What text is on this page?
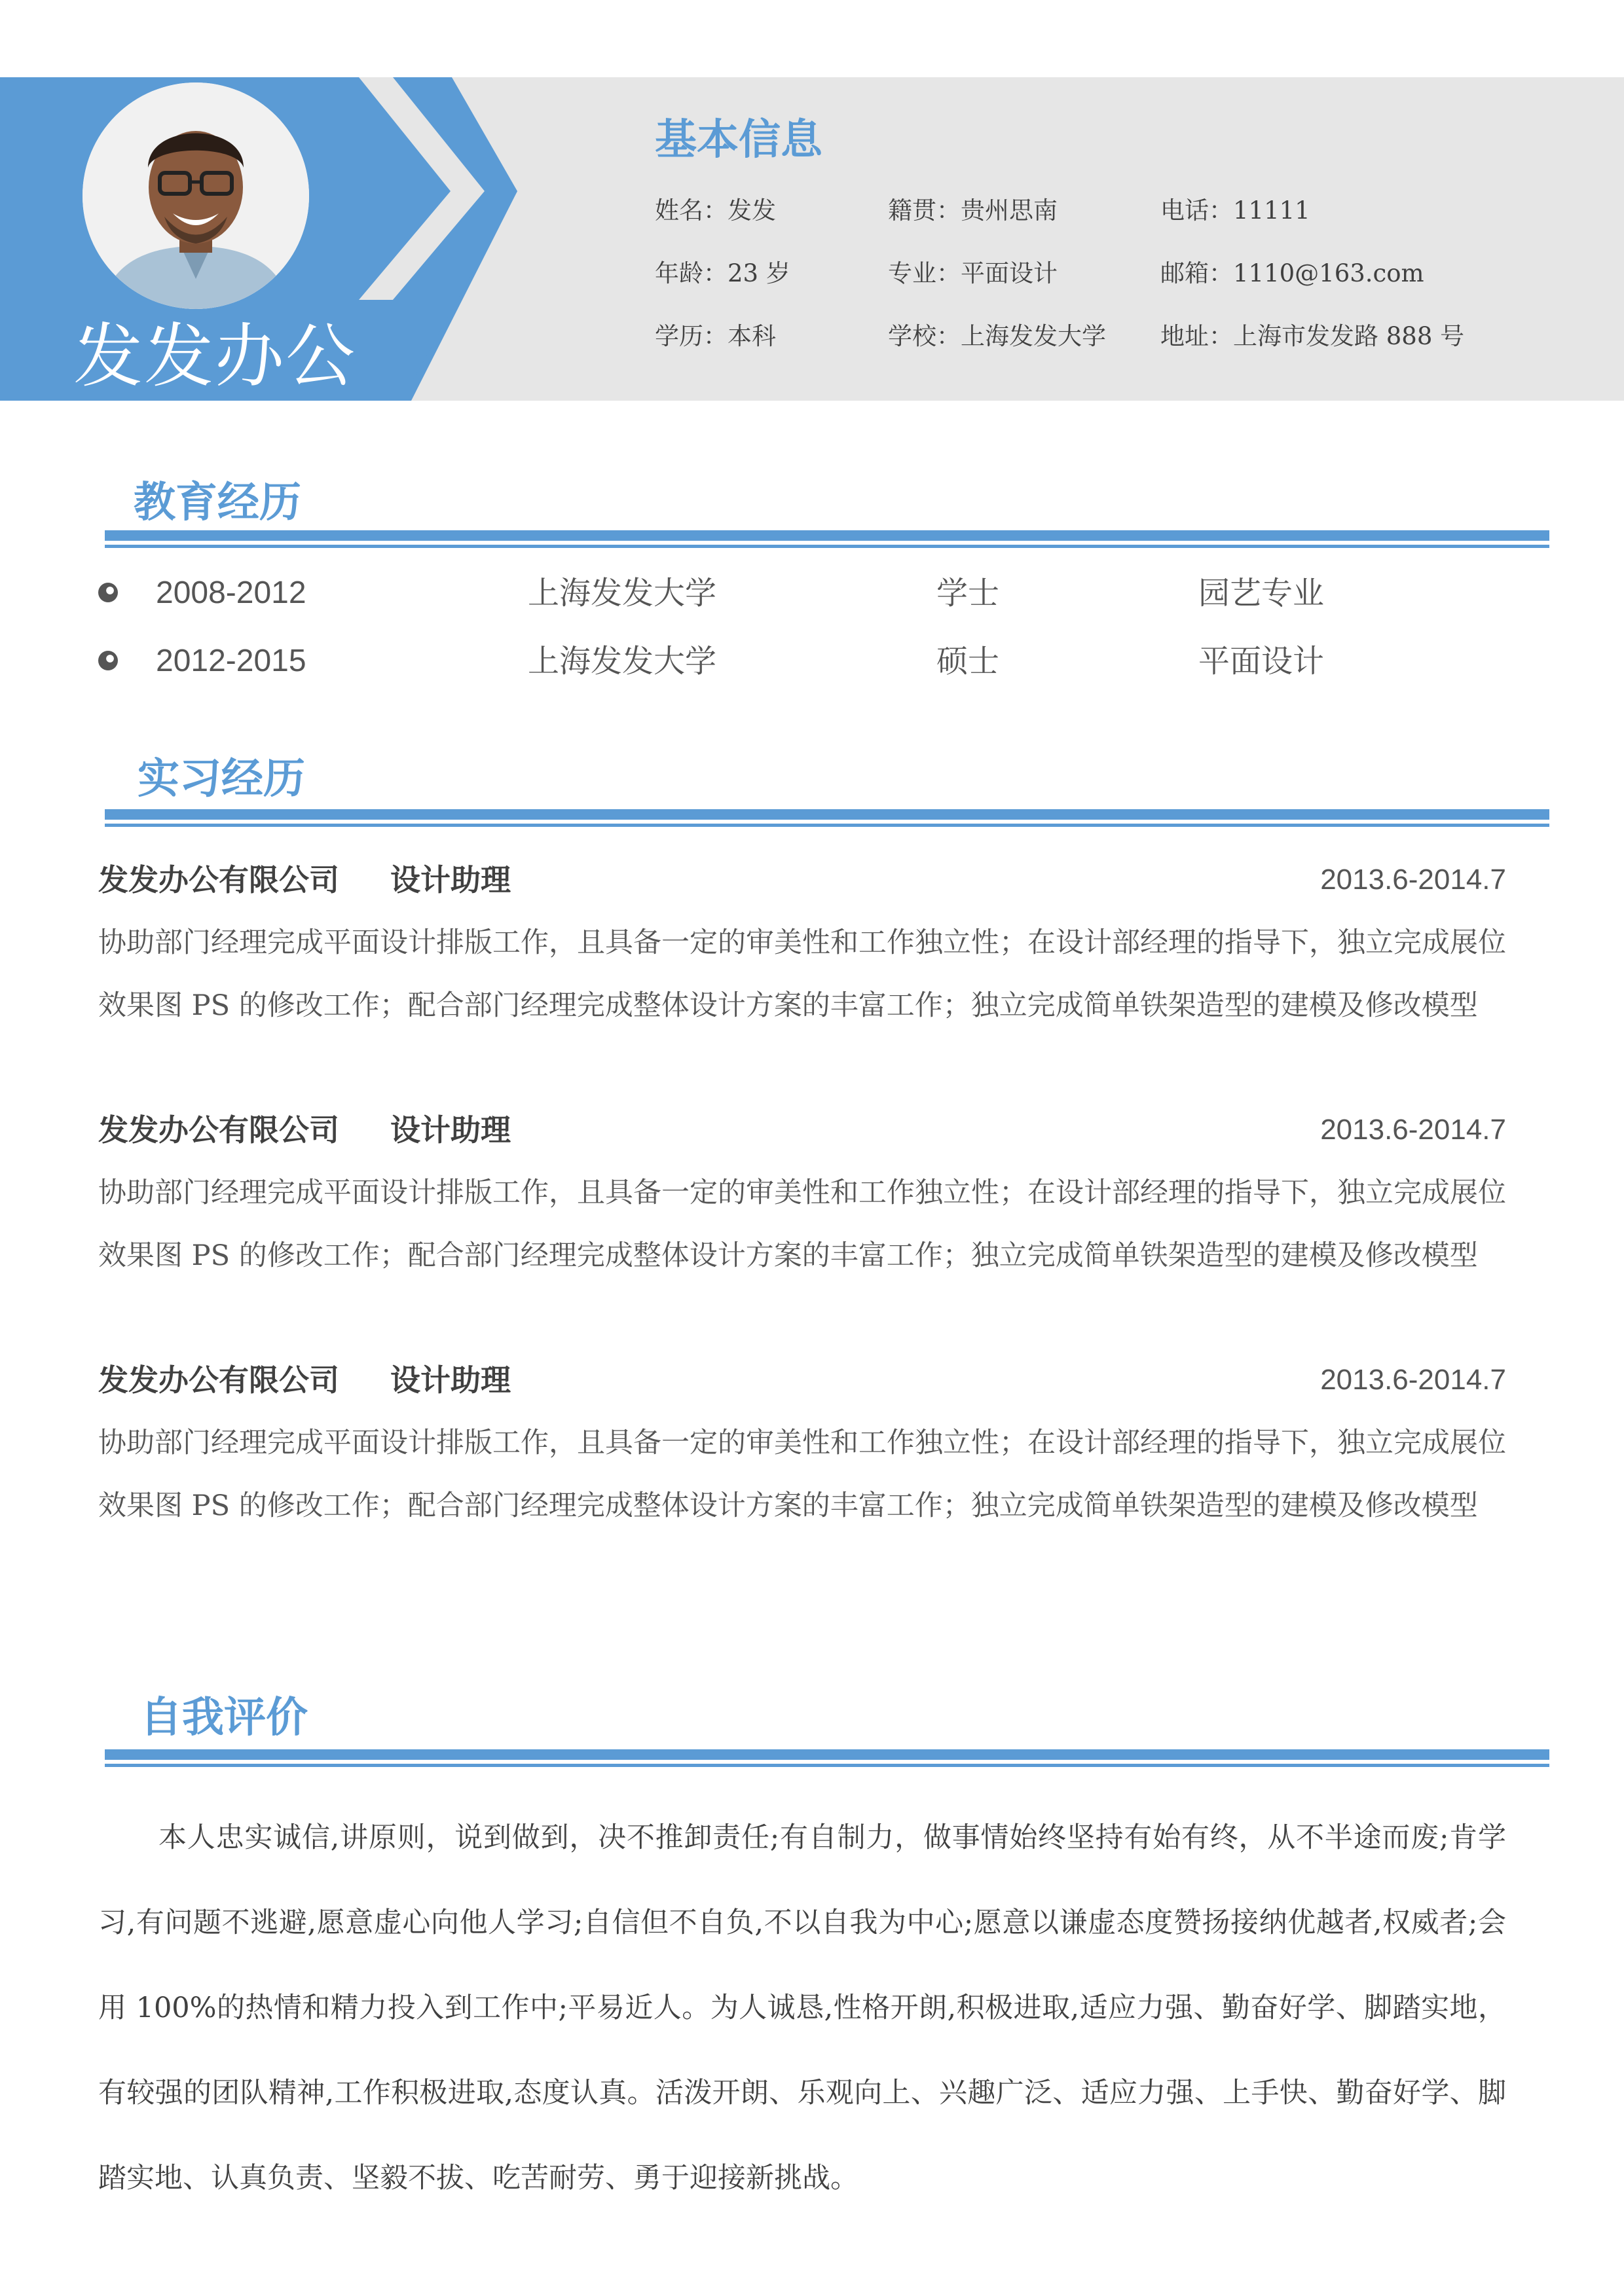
发发办公
基本信息
姓名：发发	籍贯：贵州思南	电话：11111
年龄：23 岁	专业：平面设计	邮箱：1110@163.com
学历：本科	学校：上海发发大学 地址：上海市发发路 888 号
教育经历
2008-2012	上海发发大学	学士	园艺专业
2012-2015	上海发发大学	硕士	平面设计
实习经历
发发办公有限公司 设计助理	2013.6-2014.7
协助部门经理完成平面设计排版工作，且具备一定的审美性和工作独立性；在设计部经理的指导下，独立完成展位效果图 PS 的修改工作；配合部门经理完成整体设计方案的丰富工作；独立完成简单铁架造型的建模及修改模型
发发办公有限公司 设计助理	2013.6-2014.7
协助部门经理完成平面设计排版工作，且具备一定的审美性和工作独立性；在设计部经理的指导下，独立完成展位效果图 PS 的修改工作；配合部门经理完成整体设计方案的丰富工作；独立完成简单铁架造型的建模及修改模型
发发办公有限公司 设计助理	2013.6-2014.7
协助部门经理完成平面设计排版工作，且具备一定的审美性和工作独立性；在设计部经理的指导下，独立完成展位效果图 PS 的修改工作；配合部门经理完成整体设计方案的丰富工作；独立完成简单铁架造型的建模及修改模型
自我评价
本人忠实诚信,讲原则，说到做到，决不推卸责任;有自制力，做事情始终坚持有始有终，从不半途而废;肯学习,有问题不逃避,愿意虚心向他人学习;自信但不自负,不以自我为中心;愿意以谦虚态度赞扬接纳优越者,权威者;会用 100%的热情和精力投入到工作中;平易近人。为人诚恳,性格开朗,积极进取,适应力强、勤奋好学、脚踏实地，有较强的团队精神,工作积极进取,态度认真。活泼开朗、乐观向上、兴趣广泛、适应力强、上手快、勤奋好学、脚踏实地、认真负责、坚毅不拔、吃苦耐劳、勇于迎接新挑战。
